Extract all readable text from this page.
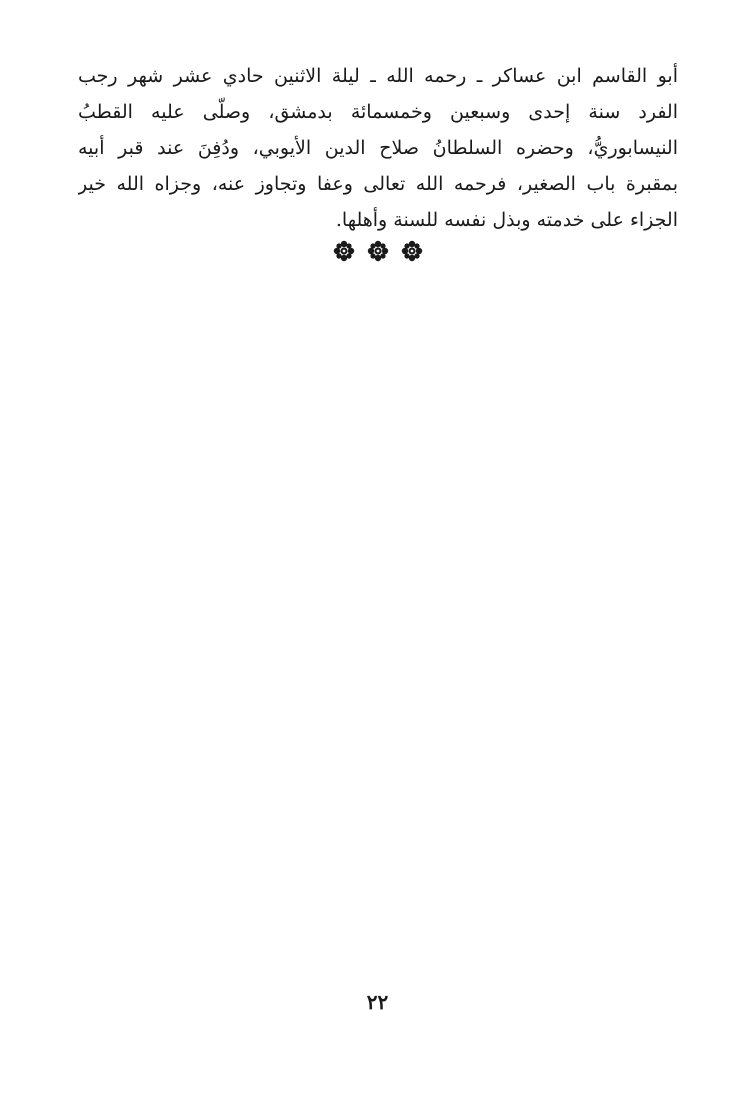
أبو القاسم ابن عساكر ـ رحمه الله ـ ليلة الاثنين حادي عشر شهر رجب
الفرد سنة إحدى وسبعين وخمسمائة بدمشق، وصلّى عليه القطبُ
النيسابوريُّ، وحضره السلطانُ صلاح الدين الأيوبي، ودُفِنَ عند قبر أبيه
بمقبرة باب الصغير، فرحمه الله تعالى وعفا وتجاوز عنه، وجزاه الله خير
الجزاء على خدمته وبذل نفسه للسنة وأهلها.
٢٢
